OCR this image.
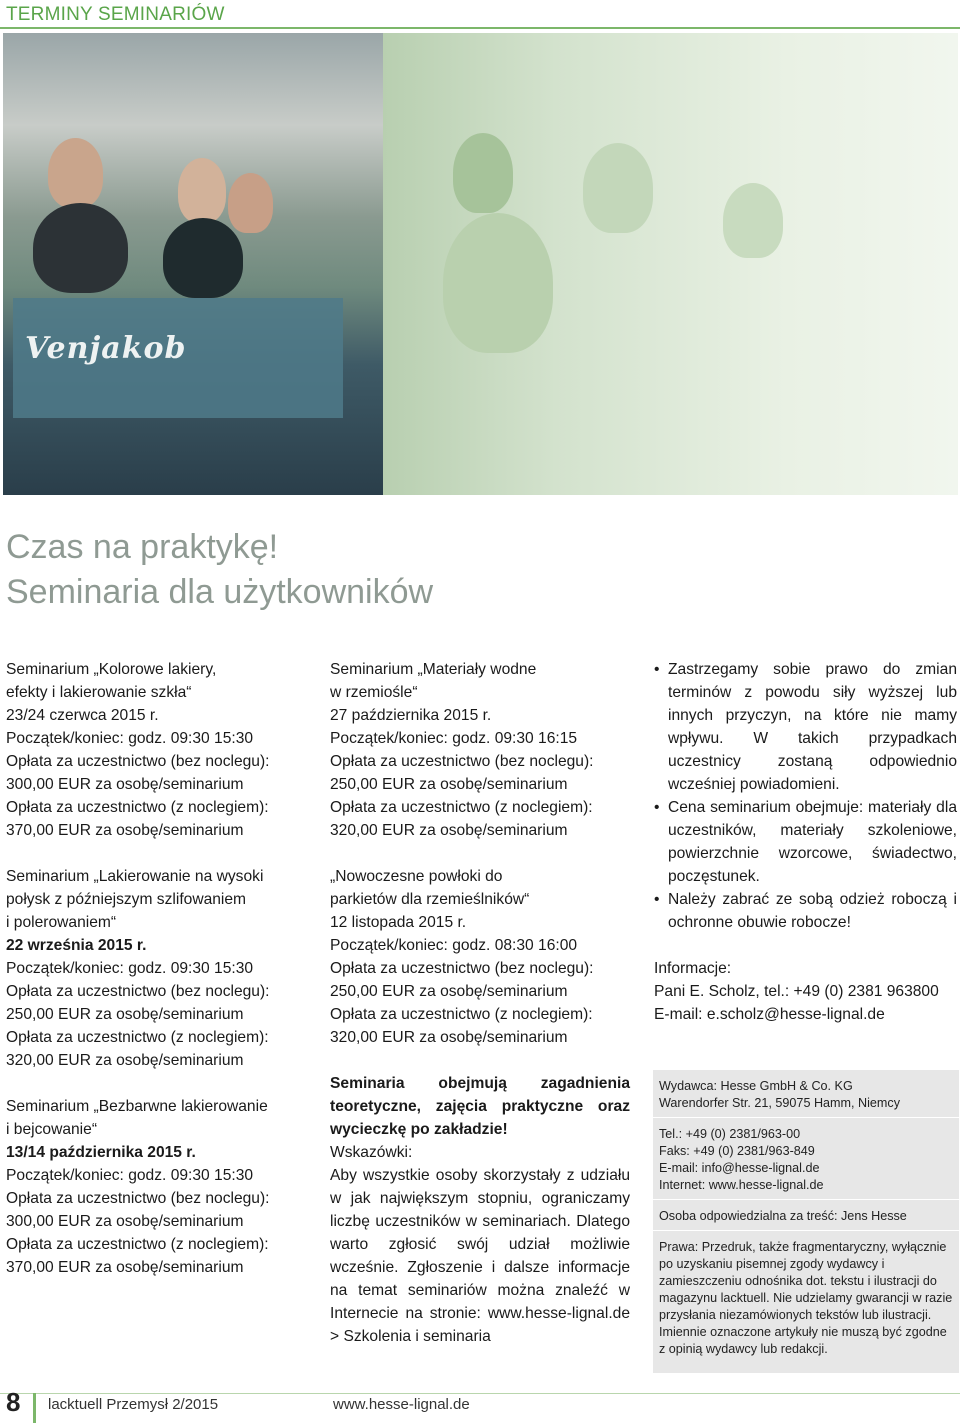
TERMINY SEMINARIÓW
Venjakob
Czas na praktykę!
Seminaria dla użytkowników

Seminarium „Kolorowe lakiery,

efekty i lakierowanie szkła“

23/24 czerwca 2015 r.

Początek/koniec: godz. 09:30 15:30

Opłata za uczestnictwo (bez noclegu):

300,00 EUR za osobę/seminarium

Opłata za uczestnictwo (z noclegiem):

370,00 EUR za osobę/seminarium

Seminarium „Lakierowanie na wysoki

połysk z późniejszym szlifowaniem

i polerowaniem“

22 września 2015 r.

Początek/koniec: godz. 09:30 15:30

Opłata za uczestnictwo (bez noclegu):

250,00 EUR za osobę/seminarium

Opłata za uczestnictwo (z noclegiem):

320,00 EUR za osobę/seminarium

Seminarium „Bezbarwne lakierowanie

i bejcowanie“

13/14 października 2015 r.

Początek/koniec: godz. 09:30 15:30

Opłata za uczestnictwo (bez noclegu):

300,00 EUR za osobę/seminarium

Opłata za uczestnictwo (z noclegiem):

370,00 EUR za osobę/seminarium

Seminarium „Materiały wodne

w rzemiośle“

27 października 2015 r.

Początek/koniec: godz. 09:30 16:15

Opłata za uczestnictwo (bez noclegu):

250,00 EUR za osobę/seminarium

Opłata za uczestnictwo (z noclegiem):

320,00 EUR za osobę/seminarium

„Nowoczesne powłoki do

parkietów dla rzemieślników“

12 listopada 2015 r.

Początek/koniec: godz. 08:30 16:00

Opłata za uczestnictwo (bez noclegu):

250,00 EUR za osobę/seminarium

Opłata za uczestnictwo (z noclegiem):

320,00 EUR za osobę/seminarium

Seminaria obejmują zagadnienia teoretyczne, zajęcia praktyczne oraz wycieczkę po zakładzie!

Wskazówki:

Aby wszystkie osoby skorzystały z udziału w jak największym stopniu, ograniczamy liczbę uczestników w seminariach. Dlatego warto zgłosić swój udział możliwie wcześnie. Zgłoszenie i dalsze informacje na temat seminariów można znaleźć w Internecie na stronie: www.hesse-lignal.de > Szkolenia i seminaria

• Zastrzegamy sobie prawo do zmian terminów z powodu siły wyższej lub innych przyczyn, na które nie mamy wpływu. W takich przypadkach uczestnicy zostaną odpowiednio wcześniej powiadomieni.
• Cena seminarium obejmuje: materiały dla uczestników, materiały szkoleniowe, powierzchnie wzorcowe, świadectwo, poczęstunek.
• Należy zabrać ze sobą odzież roboczą i ochronne obuwie robocze!

Informacje:

Pani E. Scholz, tel.: +49 (0) 2381 963800

E-mail: e.scholz@hesse-lignal.de

Wydawca: Hesse GmbH & Co. KG
Warendorfer Str. 21, 59075 Hamm, Niemcy
Tel.: +49 (0) 2381/963-00
Faks: +49 (0) 2381/963-849
E-mail: info@hesse-lignal.de
Internet: www.hesse-lignal.de
Osoba odpowiedzialna za treść: Jens Hesse
Prawa: Przedruk, także fragmentaryczny, wyłącznie po uzyskaniu pisemnej zgody wydawcy i zamieszczeniu odnośnika dot. tekstu i ilustracji do magazynu lacktuell. Nie udzielamy gwarancji w razie przysłania niezamówionych tekstów lub ilustracji. Imiennie oznaczone artykuły nie muszą być zgodne z opinią wydawcy lub redakcji.
8 lacktuell Przemysł 2/2015	www.hesse-lignal.de
